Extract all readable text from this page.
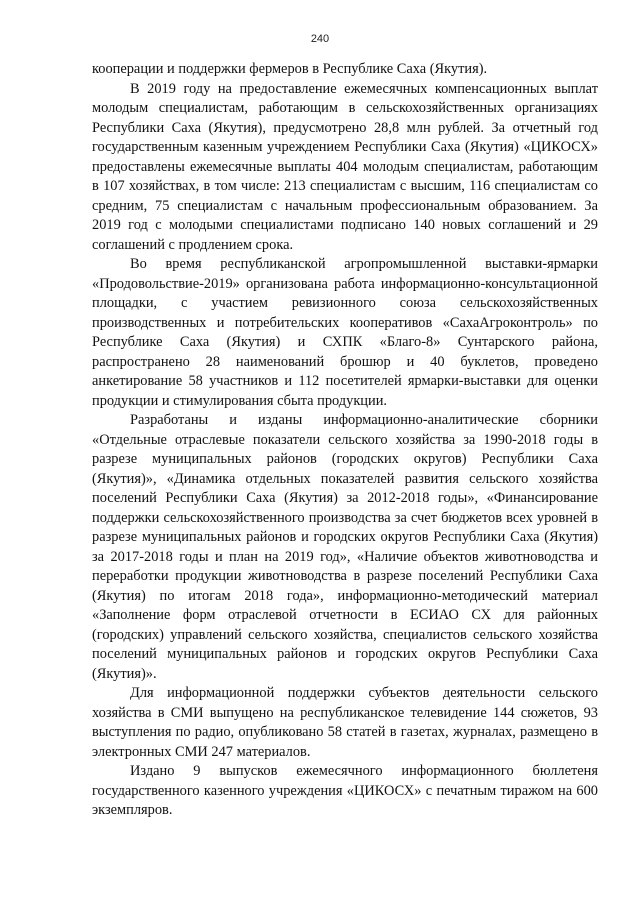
240

кооперации и поддержки фермеров в Республике Саха (Якутия).

В 2019 году на предоставление ежемесячных компенсационных выплат молодым специалистам, работающим в сельскохозяйственных организациях Республики Саха (Якутия), предусмотрено 28,8 млн рублей. За отчетный год государственным казенным учреждением Республики Саха (Якутия) «ЦИКОСХ» предоставлены ежемесячные выплаты 404 молодым специалистам, работающим в 107 хозяйствах, в том числе: 213 специалистам с высшим, 116 специалистам со средним, 75 специалистам с начальным профессиональным образованием. За 2019 год с молодыми специалистами подписано 140 новых соглашений и 29 соглашений с продлением срока.

Во время республиканской агропромышленной выставки-ярмарки «Продовольствие-2019» организована работа информационно-консультационной площадки, с участием ревизионного союза сельскохозяйственных производственных и потребительских кооперативов «СахаАгроконтроль» по Республике Саха (Якутия) и СХПК «Благо-8» Сунтарского района, распространено 28 наименований брошюр и 40 буклетов, проведено анкетирование 58 участников и 112 посетителей ярмарки-выставки для оценки продукции и стимулирования сбыта продукции.

Разработаны и изданы информационно-аналитические сборники «Отдельные отраслевые показатели сельского хозяйства за 1990-2018 годы в разрезе муниципальных районов (городских округов) Республики Саха (Якутия)», «Динамика отдельных показателей развития сельского хозяйства поселений Республики Саха (Якутия) за 2012-2018 годы», «Финансирование поддержки сельскохозяйственного производства за счет бюджетов всех уровней в разрезе муниципальных районов и городских округов Республики Саха (Якутия) за 2017-2018 годы и план на 2019 год», «Наличие объектов животноводства и переработки продукции животноводства в разрезе поселений Республики Саха (Якутия) по итогам 2018 года», информационно-методический материал «Заполнение форм отраслевой отчетности в ЕСИАО СХ для районных (городских) управлений сельского хозяйства, специалистов сельского хозяйства поселений муниципальных районов и городских округов Республики Саха (Якутия)».

Для информационной поддержки субъектов деятельности сельского хозяйства в СМИ выпущено на республиканское телевидение 144 сюжетов, 93 выступления по радио, опубликовано 58 статей в газетах, журналах, размещено в электронных СМИ 247 материалов.

Издано 9 выпусков ежемесячного информационного бюллетеня государственного казенного учреждения «ЦИКОСХ» с печатным тиражом на 600 экземпляров.
